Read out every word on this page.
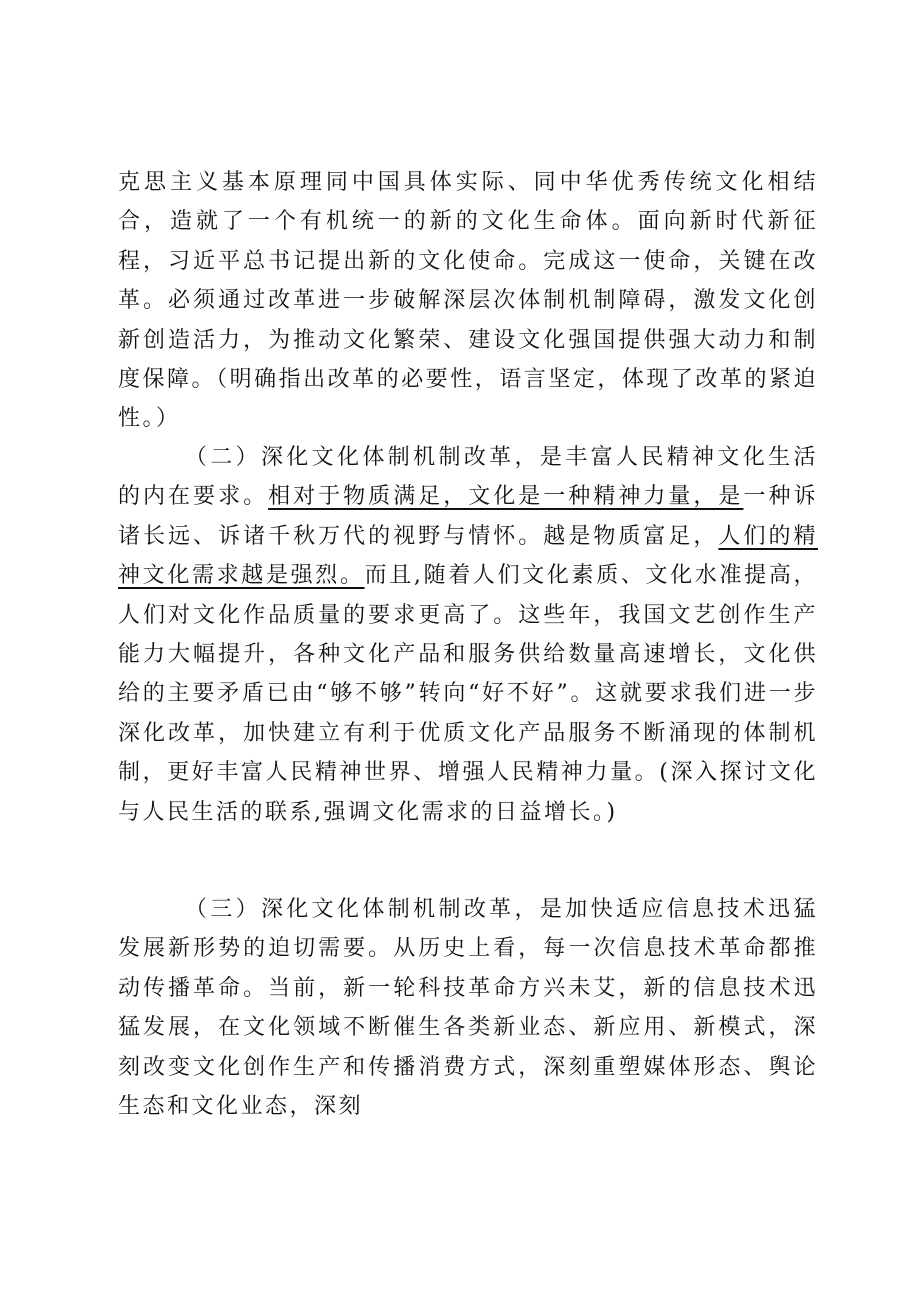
克思主义基本原理同中国具体实际、同中华优秀传统文化相结合，造就了一个有机统一的新的文化生命体。面向新时代新征程，习近平总书记提出新的文化使命。完成这一使命，关键在改革。必须通过改革进一步破解深层次体制机制障碍，激发文化创新创造活力，为推动文化繁荣、建设文化强国提供强大动力和制度保障。（明确指出改革的必要性，语言坚定，体现了改革的紧迫性。）

（二）深化文化体制机制改革，是丰富人民精神文化生活的内在要求。相对于物质满足，文化是一种精神力量，是一种诉诸长远、诉诸千秋万代的视野与情怀。越是物质富足，人们的精神文化需求越是强烈。而且,随着人们文化素质、文化水准提高，人们对文化作品质量的要求更高了。这些年，我国文艺创作生产能力大幅提升，各种文化产品和服务供给数量高速增长，文化供给的主要矛盾已由“够不够”转向“好不好”。这就要求我们进一步深化改革，加快建立有利于优质文化产品服务不断涌现的体制机制，更好丰富人民精神世界、增强人民精神力量。(深入探讨文化与人民生活的联系,强调文化需求的日益增长。)

（三）深化文化体制机制改革，是加快适应信息技术迅猛发展新形势的迫切需要。从历史上看，每一次信息技术革命都推动传播革命。当前，新一轮科技革命方兴未艾，新的信息技术迅猛发展，在文化领域不断催生各类新业态、新应用、新模式，深刻改变文化创作生产和传播消费方式，深刻重塑媒体形态、舆论生态和文化业态，深刻
